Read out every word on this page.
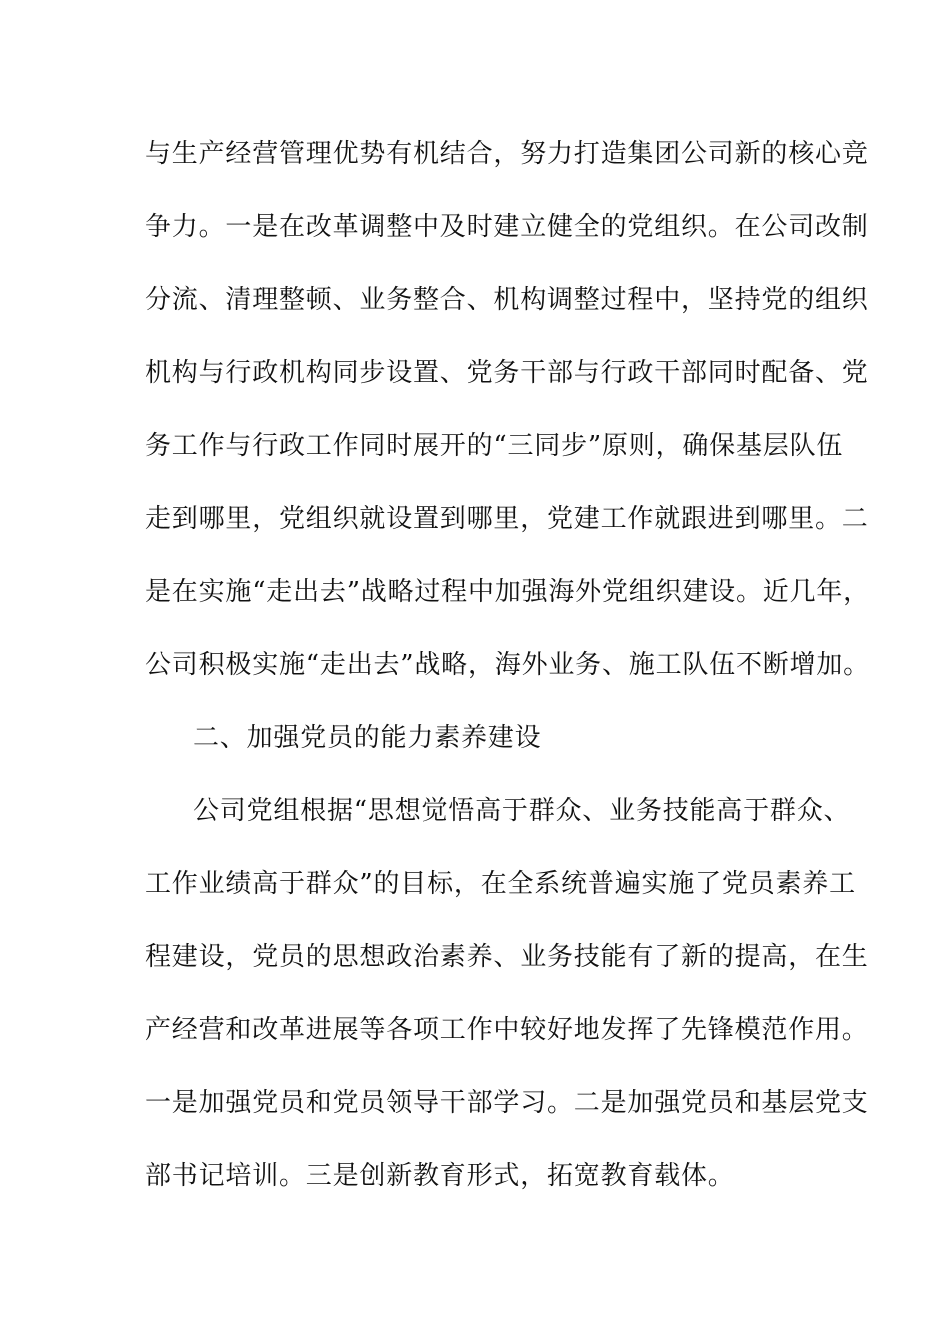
与生产经营管理优势有机结合，努力打造集团公司新的核心竞
争力。一是在改革调整中及时建立健全的党组织。在公司改制
分流、清理整顿、业务整合、机构调整过程中，坚持党的组织
机构与行政机构同步设置、党务干部与行政干部同时配备、党
务工作与行政工作同时展开的“三同步”原则，确保基层队伍
走到哪里，党组织就设置到哪里，党建工作就跟进到哪里。二
是在实施“走出去”战略过程中加强海外党组织建设。近几年，
公司积极实施“走出去”战略，海外业务、施工队伍不断增加。
二、加强党员的能力素养建设
公司党组根据“思想觉悟高于群众、业务技能高于群众、
工作业绩高于群众”的目标，在全系统普遍实施了党员素养工
程建设，党员的思想政治素养、业务技能有了新的提高，在生
产经营和改革进展等各项工作中较好地发挥了先锋模范作用。
一是加强党员和党员领导干部学习。二是加强党员和基层党支
部书记培训。三是创新教育形式，拓宽教育载体。
